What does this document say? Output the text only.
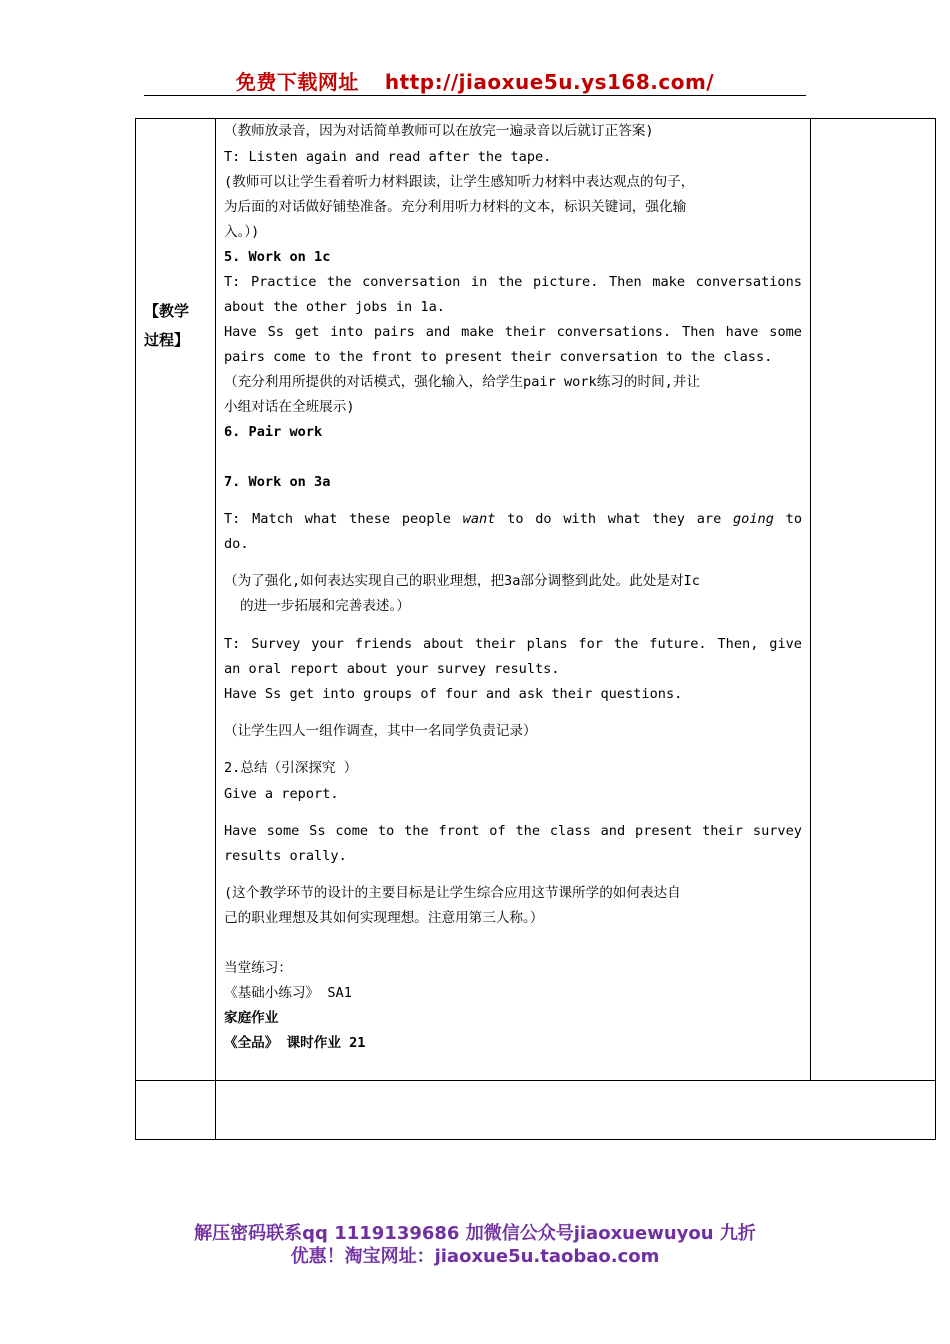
免费下载网址 http://jiaoxue5u.ys168.com/
【教学
过程】
（教师放录音，因为对话简单教师可以在放完一遍录音以后就订正答案)
T: Listen again and read after the tape.
(教师可以让学生看着听力材料跟读，让学生感知听力材料中表达观点的句子，
为后面的对话做好铺垫准备。充分利用听力材料的文本，标识关键词，强化输
入。）)
5. Work on 1c
T: Practice the conversation in the picture. Then make conversations
about the other jobs in 1a.
Have Ss get into pairs and make their conversations. Then have some
pairs come to the front to present their conversation to the class.
（充分利用所提供的对话模式，强化输入，给学生pair work练习的时间,并让
小组对话在全班展示)
6. Pair work
7. Work on 3a
T: Match what these people want to do with what they are going to
do.
（为了强化,如何表达实现自己的职业理想，把3a部分调整到此处。此处是对Ic
的进一步拓展和完善表述。）
T: Survey your friends about their plans for the future. Then, give
an oral report about your survey results.
Have Ss get into groups of four and ask their questions.
（让学生四人一组作调查，其中一名同学负责记录）
2.总结（引深探究 ）
Give a report.
Have some Ss come to the front of the class and present their survey
results orally.
(这个教学环节的设计的主要目标是让学生综合应用这节课所学的如何表达自
己的职业理想及其如何实现理想。注意用第三人称。）
当堂练习：
《基础小练习》 SA1
家庭作业
《全品》 课时作业 21
解压密码联系qq 1119139686 加微信公众号jiaoxuewuyou 九折
优惠！淘宝网址：jiaoxue5u.taobao.com
